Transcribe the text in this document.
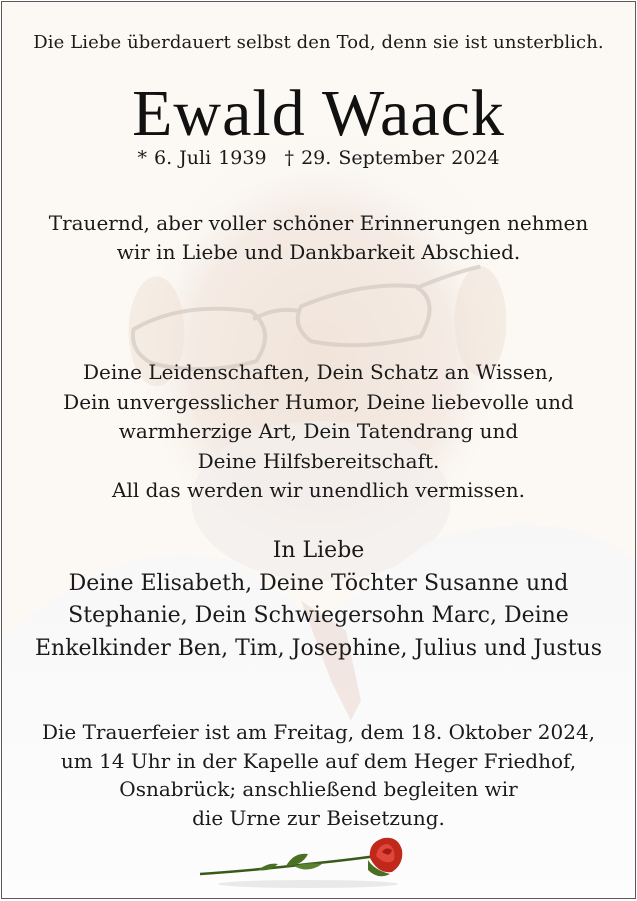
Die Liebe überdauert selbst den Tod, denn sie ist unsterblich.
Ewald Waack
* 6. Juli 1939 † 29. September 2024
Trauernd, aber voller schöner Erinnerungen nehmen
wir in Liebe und Dankbarkeit Abschied.
Deine Leidenschaften, Dein Schatz an Wissen,
Dein unvergesslicher Humor, Deine liebevolle und
warmherzige Art, Dein Tatendrang und
Deine Hilfsbereitschaft.
All das werden wir unendlich vermissen.
In Liebe
Deine Elisabeth, Deine Töchter Susanne und
Stephanie, Dein Schwiegersohn Marc, Deine
Enkelkinder Ben, Tim, Josephine, Julius und Justus
Die Trauerfeier ist am Freitag, dem 18. Oktober 2024,
um 14 Uhr in der Kapelle auf dem Heger Friedhof,
Osnabrück; anschließend begleiten wir
die Urne zur Beisetzung.
